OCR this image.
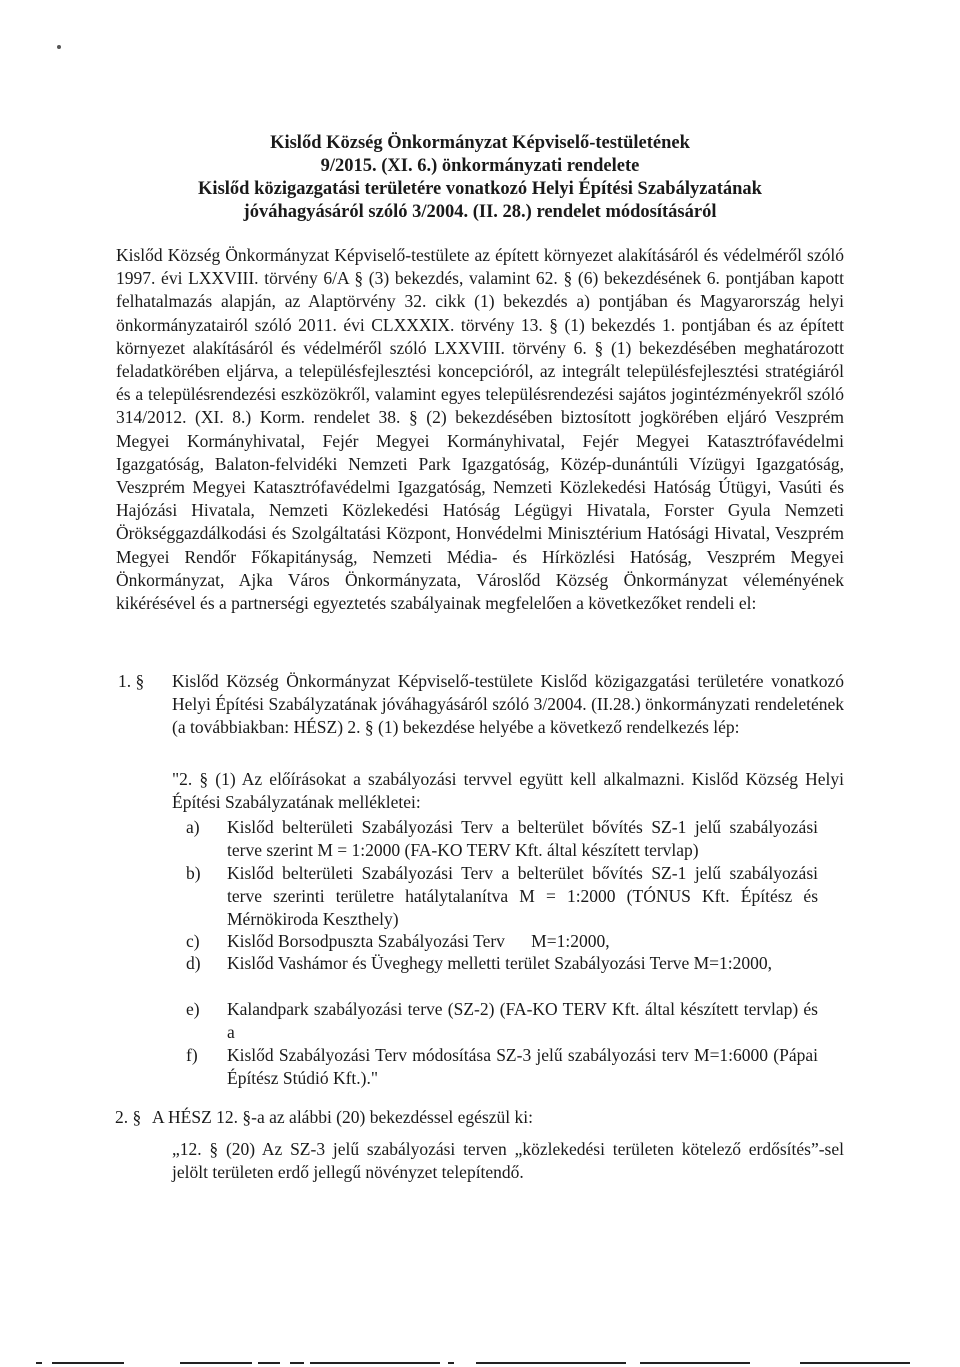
Kislőd Község Önkormányzat Képviselő-testületének
9/2015. (XI. 6.) önkormányzati rendelete
Kislőd közigazgatási területére vonatkozó Helyi Építési Szabályzatának
jóváhagyásáról szóló 3/2004. (II. 28.) rendelet módosításáról
Kislőd Község Önkormányzat Képviselő-testülete az épített környezet alakításáról és védelméről szóló 1997. évi LXXVIII. törvény 6/A § (3) bekezdés, valamint 62. § (6) bekezdésének 6. pontjában kapott felhatalmazás alapján, az Alaptörvény 32. cikk (1) bekezdés a) pontjában és Magyarország helyi önkormányzatairól szóló 2011. évi CLXXXIX. törvény 13. § (1) bekezdés 1. pontjában és az épített környezet alakításáról és védelméről szóló LXXVIII. törvény 6. § (1) bekezdésében meghatározott feladatkörében eljárva, a településfejlesztési koncepcióról, az integrált településfejlesztési stratégiáról és a településrendezési eszközökről, valamint egyes településrendezési sajátos jogintézményekről szóló 314/2012. (XI. 8.) Korm. rendelet 38. § (2) bekezdésében biztosított jogkörében eljáró Veszprém Megyei Kormányhivatal, Fejér Megyei Kormányhivatal, Fejér Megyei Katasztrófavédelmi Igazgatóság, Balaton-felvidéki Nemzeti Park Igazgatóság, Közép-dunántúli Vízügyi Igazgatóság, Veszprém Megyei Katasztrófavédelmi Igazgatóság, Nemzeti Közlekedési Hatóság Útügyi, Vasúti és Hajózási Hivatala, Nemzeti Közlekedési Hatóság Légügyi Hivatala, Forster Gyula Nemzeti Örökséggazdálkodási és Szolgáltatási Központ, Honvédelmi Minisztérium Hatósági Hivatal, Veszprém Megyei Rendőr Főkapitányság, Nemzeti Média- és Hírközlési Hatóság, Veszprém Megyei Önkormányzat, Ajka Város Önkormányzata, Városlőd Község Önkormányzat véleményének kikérésével és a partnerségi egyeztetés szabályainak megfelelően a következőket rendeli el:
1. § Kislőd Község Önkormányzat Képviselő-testülete Kislőd közigazgatási területére vonatkozó Helyi Építési Szabályzatának jóváhagyásáról szóló 3/2004. (II.28.) önkormányzati rendeletének (a továbbiakban: HÉSZ) 2. § (1) bekezdése helyébe a következő rendelkezés lép:
"2. § (1) Az előírásokat a szabályozási tervvel együtt kell alkalmazni. Kislőd Község Helyi Építési Szabályzatának mellékletei:
a) Kislőd belterületi Szabályozási Terv a belterület bővítés SZ-1 jelű szabályozási terve szerint M = 1:2000 (FA-KO TERV Kft. által készített tervlap)
b) Kislőd belterületi Szabályozási Terv a belterület bővítés SZ-1 jelű szabályozási terve szerinti területre hatálytalanítva M = 1:2000 (TÓNUS Kft. Építész és Mérnökiroda Keszthely)
c) Kislőd Borsodpuszta Szabályozási Terv      M=1:2000,
d) Kislőd Vashámor és Üveghegy melletti terület Szabályozási Terve M=1:2000,
e) Kalandpark szabályozási terve (SZ-2) (FA-KO TERV Kft. által készített tervlap) és a
f) Kislőd Szabályozási Terv módosítása SZ-3 jelű szabályozási terv M=1:6000 (Pápai Építész Stúdió Kft.)."
2. § A HÉSZ 12. §-a az alábbi (20) bekezdéssel egészül ki:
„12. § (20) Az SZ-3 jelű szabályozási terven „közlekedési területen kötelező erdősítés”-sel jelölt területen erdő jellegű növényzet telepítendő.
